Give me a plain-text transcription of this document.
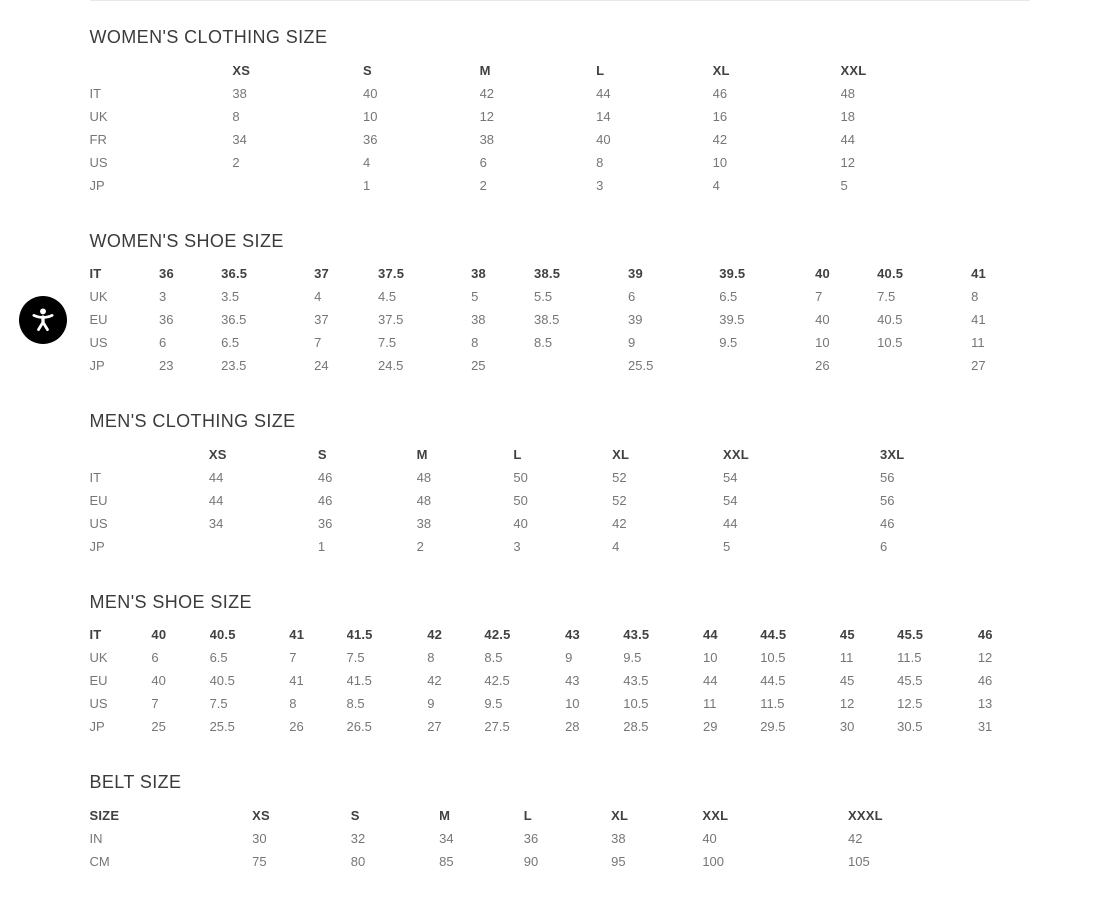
WOMEN'S CLOTHING SIZE
	XS	S	M	L	XL	XXL
IT	38	40	42	44	46	48
UK	8	10	12	14	16	18
FR	34	36	38	40	42	44
US	2	4	6	8	10	12
JP		1	2	3	4	5
WOMEN'S SHOE SIZE
IT	36	36.5	37	37.5	38	38.5	39	39.5	40	40.5	41
UK	3	3.5	4	4.5	5	5.5	6	6.5	7	7.5	8
EU	36	36.5	37	37.5	38	38.5	39	39.5	40	40.5	41
US	6	6.5	7	7.5	8	8.5	9	9.5	10	10.5	11
JP	23	23.5	24	24.5	25		25.5		26		27
MEN'S CLOTHING SIZE
	XS	S	M	L	XL	XXL	3XL
IT	44	46	48	50	52	54	56
EU	44	46	48	50	52	54	56
US	34	36	38	40	42	44	46
JP		1	2	3	4	5	6
MEN'S SHOE SIZE
IT	40	40.5	41	41.5	42	42.5	43	43.5	44	44.5	45	45.5	46
UK	6	6.5	7	7.5	8	8.5	9	9.5	10	10.5	11	11.5	12
EU	40	40.5	41	41.5	42	42.5	43	43.5	44	44.5	45	45.5	46
US	7	7.5	8	8.5	9	9.5	10	10.5	11	11.5	12	12.5	13
JP	25	25.5	26	26.5	27	27.5	28	28.5	29	29.5	30	30.5	31
BELT SIZE
SIZE	XS	S	M	L	XL	XXL	XXXL
IN	30	32	34	36	38	40	42
CM	75	80	85	90	95	100	105
